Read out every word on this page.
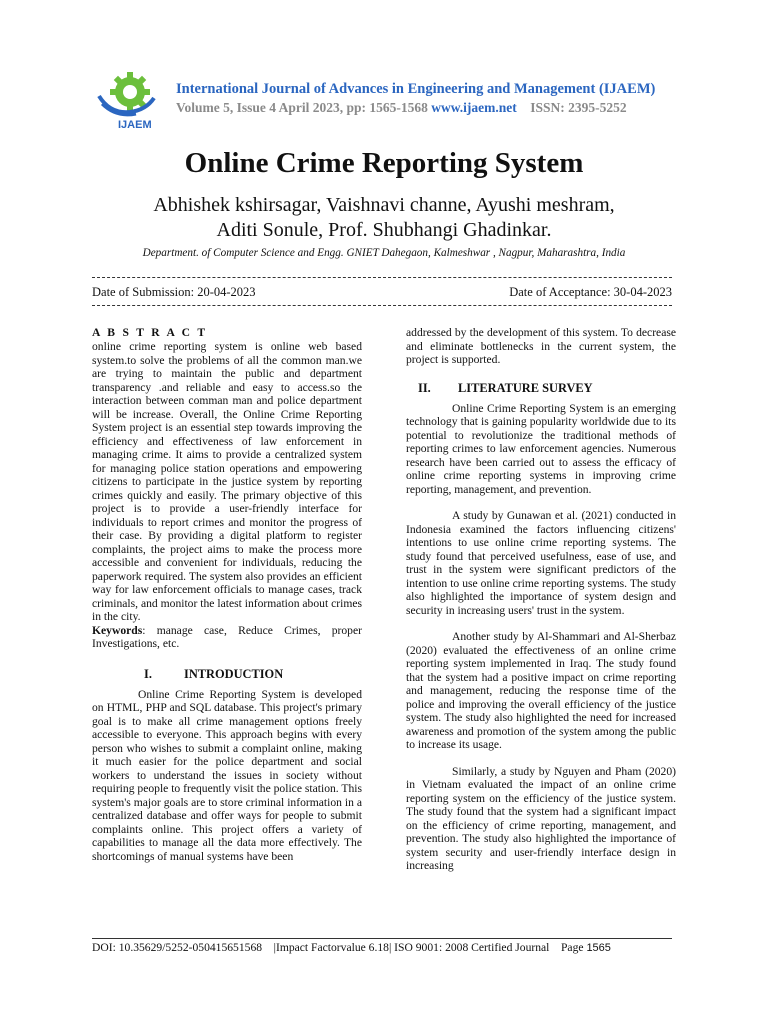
IJAEM
International Journal of Advances in Engineering and Management (IJAEM)
Volume 5, Issue 4 April 2023, pp: 1565-1568 www.ijaem.net ISSN: 2395-5252
Online Crime Reporting System
Abhishek kshirsagar, Vaishnavi channe, Ayushi meshram,
Aditi Sonule, Prof. Shubhangi Ghadinkar.
Department. of Computer Science and Engg. GNIET Dahegaon, Kalmeshwar , Nagpur, Maharashtra, India
Date of Submission: 20-04-2023	Date of Acceptance: 30-04-2023
A B S T R A C T

online crime reporting system is online web based system.to solve the problems of all the common man.we are trying to maintain the public and department transparency .and reliable and easy to access.so the interaction between comman man and police department will be increase. Overall, the Online Crime Reporting System project is an essential step towards improving the efficiency and effectiveness of law enforcement in managing crime. It aims to provide a centralized system for managing police station operations and empowering citizens to participate in the justice system by reporting crimes quickly and easily. The primary objective of this project is to provide a user-friendly interface for individuals to report crimes and monitor the progress of their case. By providing a digital platform to register complaints, the project aims to make the process more accessible and convenient for individuals, reducing the paperwork required. The system also provides an efficient way for law enforcement officials to manage cases, track criminals, and monitor the latest information about crimes in the city.

Keywords: manage case, Reduce Crimes, proper Investigations, etc.

I.	INTRODUCTION

Online Crime Reporting System is developed on HTML, PHP and SQL database. This project's primary goal is to make all crime management options freely accessible to everyone. This approach begins with every person who wishes to submit a complaint online, making it much easier for the police department and social workers to understand the issues in society without requiring people to frequently visit the police station. This system's major goals are to store criminal information in a centralized database and offer ways for people to submit complaints online. This project offers a variety of capabilities to manage all the data more effectively. The shortcomings of manual systems have been

addressed by the development of this system. To decrease and eliminate bottlenecks in the current system, the project is supported.

II. LITERATURE SURVEY

Online Crime Reporting System is an emerging technology that is gaining popularity worldwide due to its potential to revolutionize the traditional methods of reporting crimes to law enforcement agencies. Numerous research have been carried out to assess the efficacy of online crime reporting systems in improving crime reporting, management, and prevention.

A study by Gunawan et al. (2021) conducted in Indonesia examined the factors influencing citizens' intentions to use online crime reporting systems. The study found that perceived usefulness, ease of use, and trust in the system were significant predictors of the intention to use online crime reporting systems. The study also highlighted the importance of system design and security in increasing users' trust in the system.

Another study by Al-Shammari and Al-Sherbaz (2020) evaluated the effectiveness of an online crime reporting system implemented in Iraq. The study found that the system had a positive impact on crime reporting and management, reducing the response time of the police and improving the overall efficiency of the justice system. The study also highlighted the need for increased awareness and promotion of the system among the public to increase its usage.

Similarly, a study by Nguyen and Pham (2020) in Vietnam evaluated the impact of an online crime reporting system on the efficiency of the justice system. The study found that the system had a significant impact on the efficiency of crime reporting, management, and prevention. The study also highlighted the importance of system security and user-friendly interface design in increasing

DOI: 10.35629/5252-050415651568 |Impact Factorvalue 6.18| ISO 9001: 2008 Certified Journal Page 1565
